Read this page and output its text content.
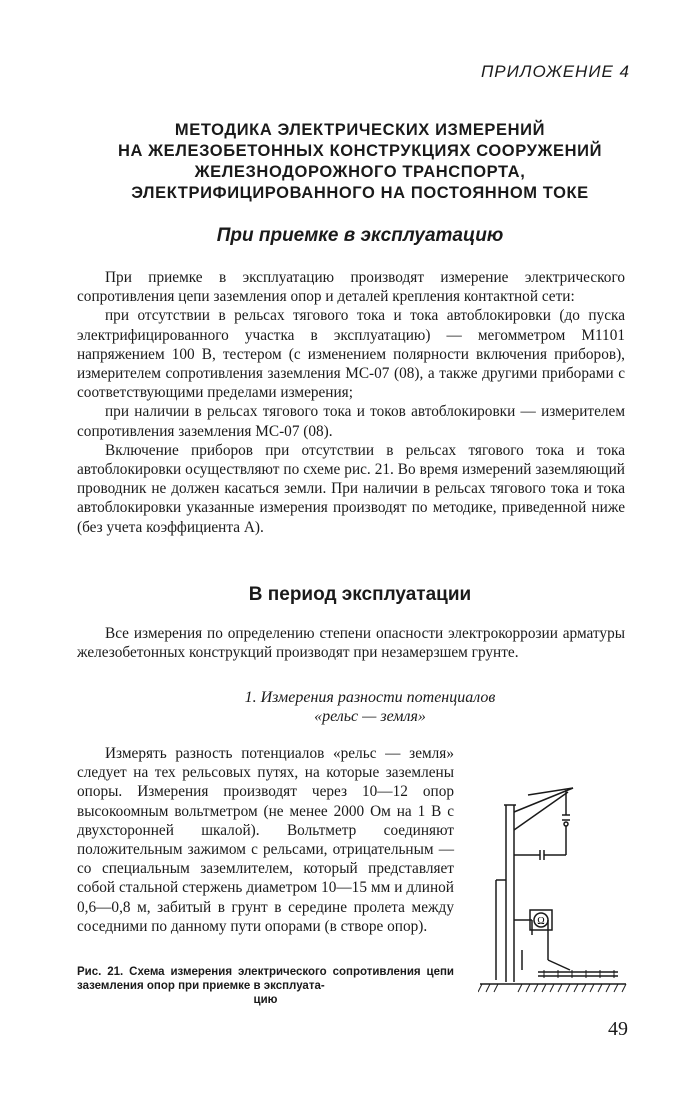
ПРИЛОЖЕНИЕ 4
МЕТОДИКА ЭЛЕКТРИЧЕСКИХ ИЗМЕРЕНИЙ
НА ЖЕЛЕЗОБЕТОННЫХ КОНСТРУКЦИЯХ СООРУЖЕНИЙ
ЖЕЛЕЗНОДОРОЖНОГО ТРАНСПОРТА,
ЭЛЕКТРИФИЦИРОВАННОГО НА ПОСТОЯННОМ ТОКЕ
При приемке в эксплуатацию

При приемке в эксплуатацию производят измерение электрического сопротивления цепи заземления опор и деталей крепления контактной сети:

при отсутствии в рельсах тягового тока и тока автоблокировки (до пуска электрифицированного участка в эксплуатацию) — мегомметром М1101 напряжением 100 В, тестером (с изменением полярности включения приборов), измерителем сопротивления заземления МС-07 (08), а также другими приборами с соответствующими пределами измерения;

при наличии в рельсах тягового тока и токов автоблокировки — измерителем сопротивления заземления МС-07 (08).

Включение приборов при отсутствии в рельсах тягового тока и тока автоблокировки осуществляют по схеме рис. 21. Во время измерений заземляющий проводник не должен касаться земли. При наличии в рельсах тягового тока и тока автоблокировки указанные измерения производят по методике, приведенной ниже (без учета коэффициента А).

В период эксплуатации

Все измерения по определению степени опасности электрокоррозии арматуры железобетонных конструкций производят при незамерзшем грунте.

1. Измерения разности потенциалов
«рельс — земля»

Измерять разность потенциалов «рельс — земля» следует на тех рельсовых путях, на которые заземлены опоры. Измерения производят через 10—12 опор высокоомным вольтметром (не менее 2000 Ом на 1 В с двухсторонней шкалой). Вольтметр соединяют положительным зажимом с рельсами, отрицательным — со специальным заземлителем, который представляет собой стальной стержень диаметром 10—15 мм и длиной 0,6—0,8 м, забитый в грунт в середине пролета между соседними по данному пути опорами (в створе опор).	Ω
Рис. 21. Схема измерения электрического сопротивления цепи заземления опор при приемке в эксплуата-
цию
49
